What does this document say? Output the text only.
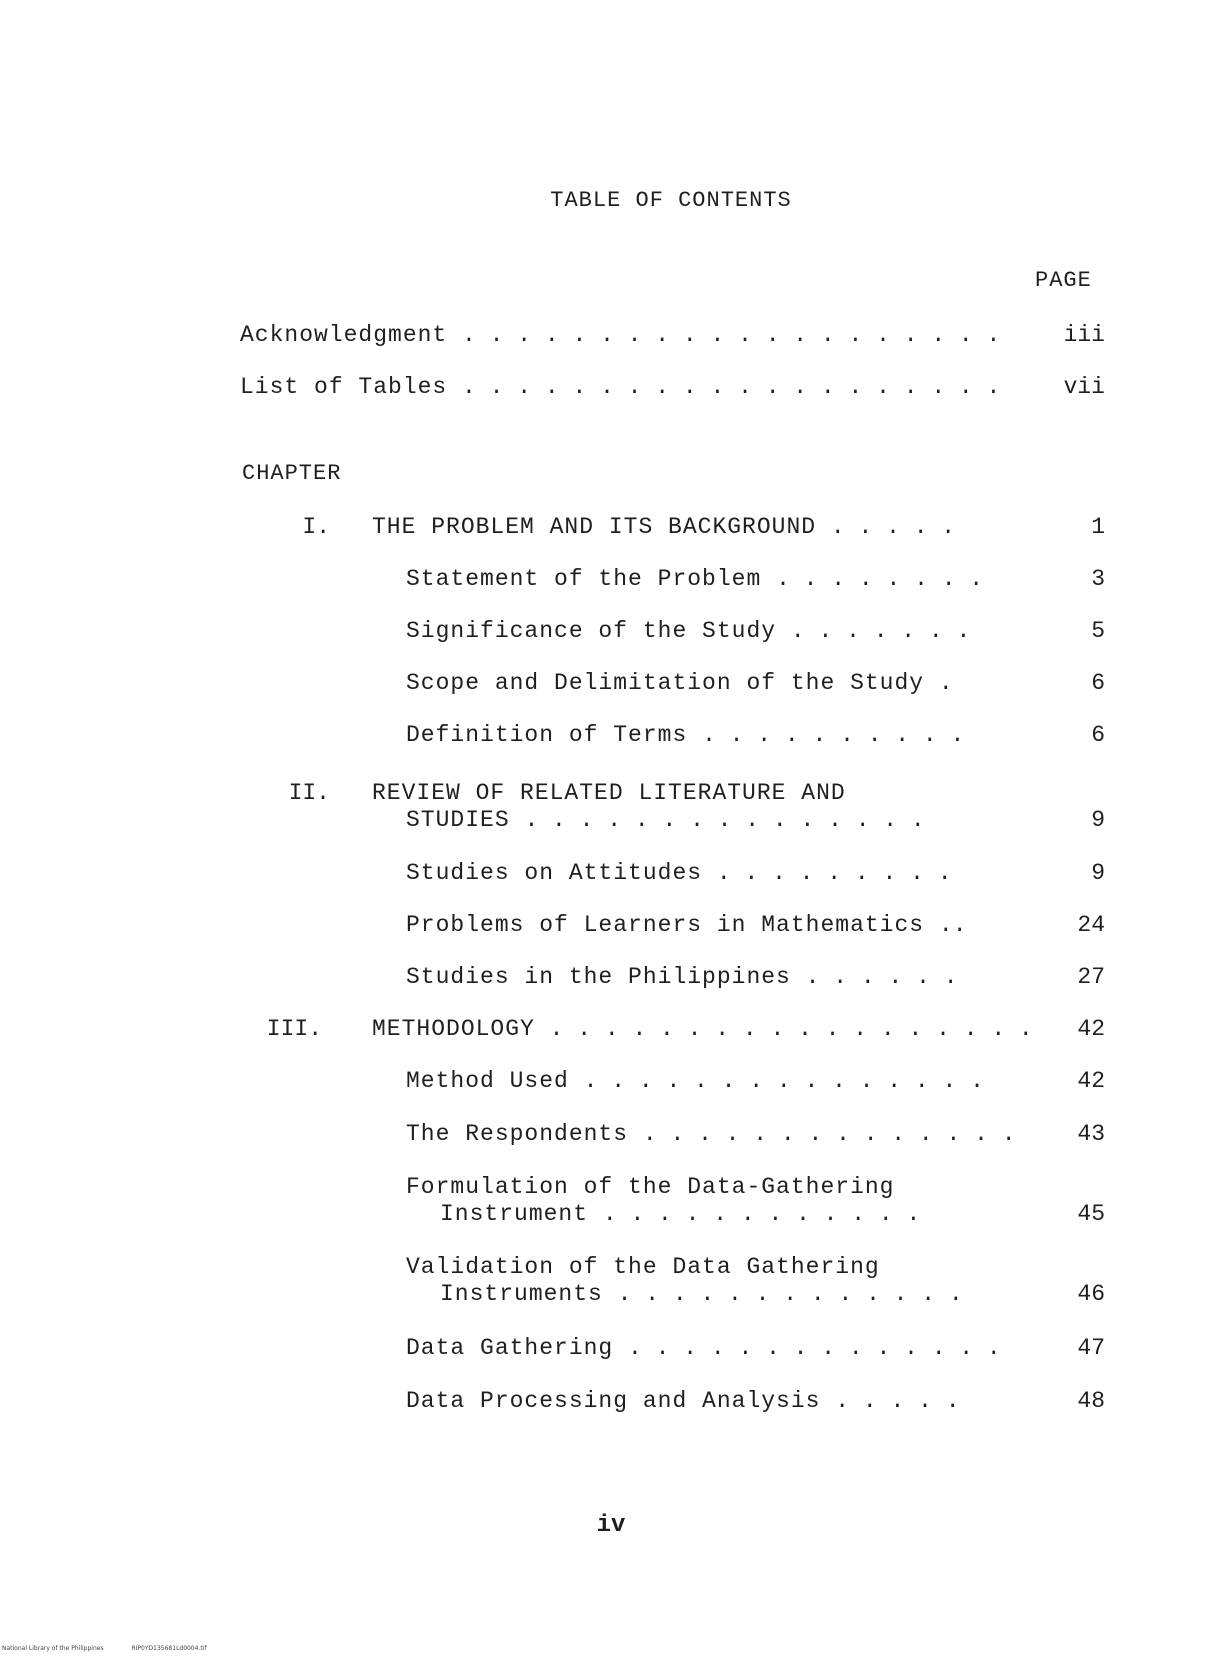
TABLE OF CONTENTS
PAGE
Acknowledgment . . . . . . . . . . . . . . . . . . . .	iii
List of Tables . . . . . . . . . . . . . . . . . . . .	vii
CHAPTER
I. THE PROBLEM AND ITS BACKGROUND . . . . .	1
Statement of the Problem . . . . . . . .	3
Significance of the Study . . . . . . .	5
Scope and Delimitation of the Study .	6
Definition of Terms . . . . . . . . . .	6
II. REVIEW OF RELATED LITERATURE AND
STUDIES . . . . . . . . . . . . . . .	9
Studies on Attitudes . . . . . . . . .	9
Problems of Learners in Mathematics ..	24
Studies in the Philippines . . . . . .	27
III. METHODOLOGY . . . . . . . . . . . . . . . . . .	42
Method Used . . . . . . . . . . . . . . .	42
The Respondents . . . . . . . . . . . . . .	43
Formulation of the Data-Gathering
Instrument . . . . . . . . . . . .	45
Validation of the Data Gathering
Instruments . . . . . . . . . . . . .	46
Data Gathering . . . . . . . . . . . . . .	47
Data Processing and Analysis . . . . .	48
iv
National Library of the Philippines	RIP0YD135681Ld0004.tif
